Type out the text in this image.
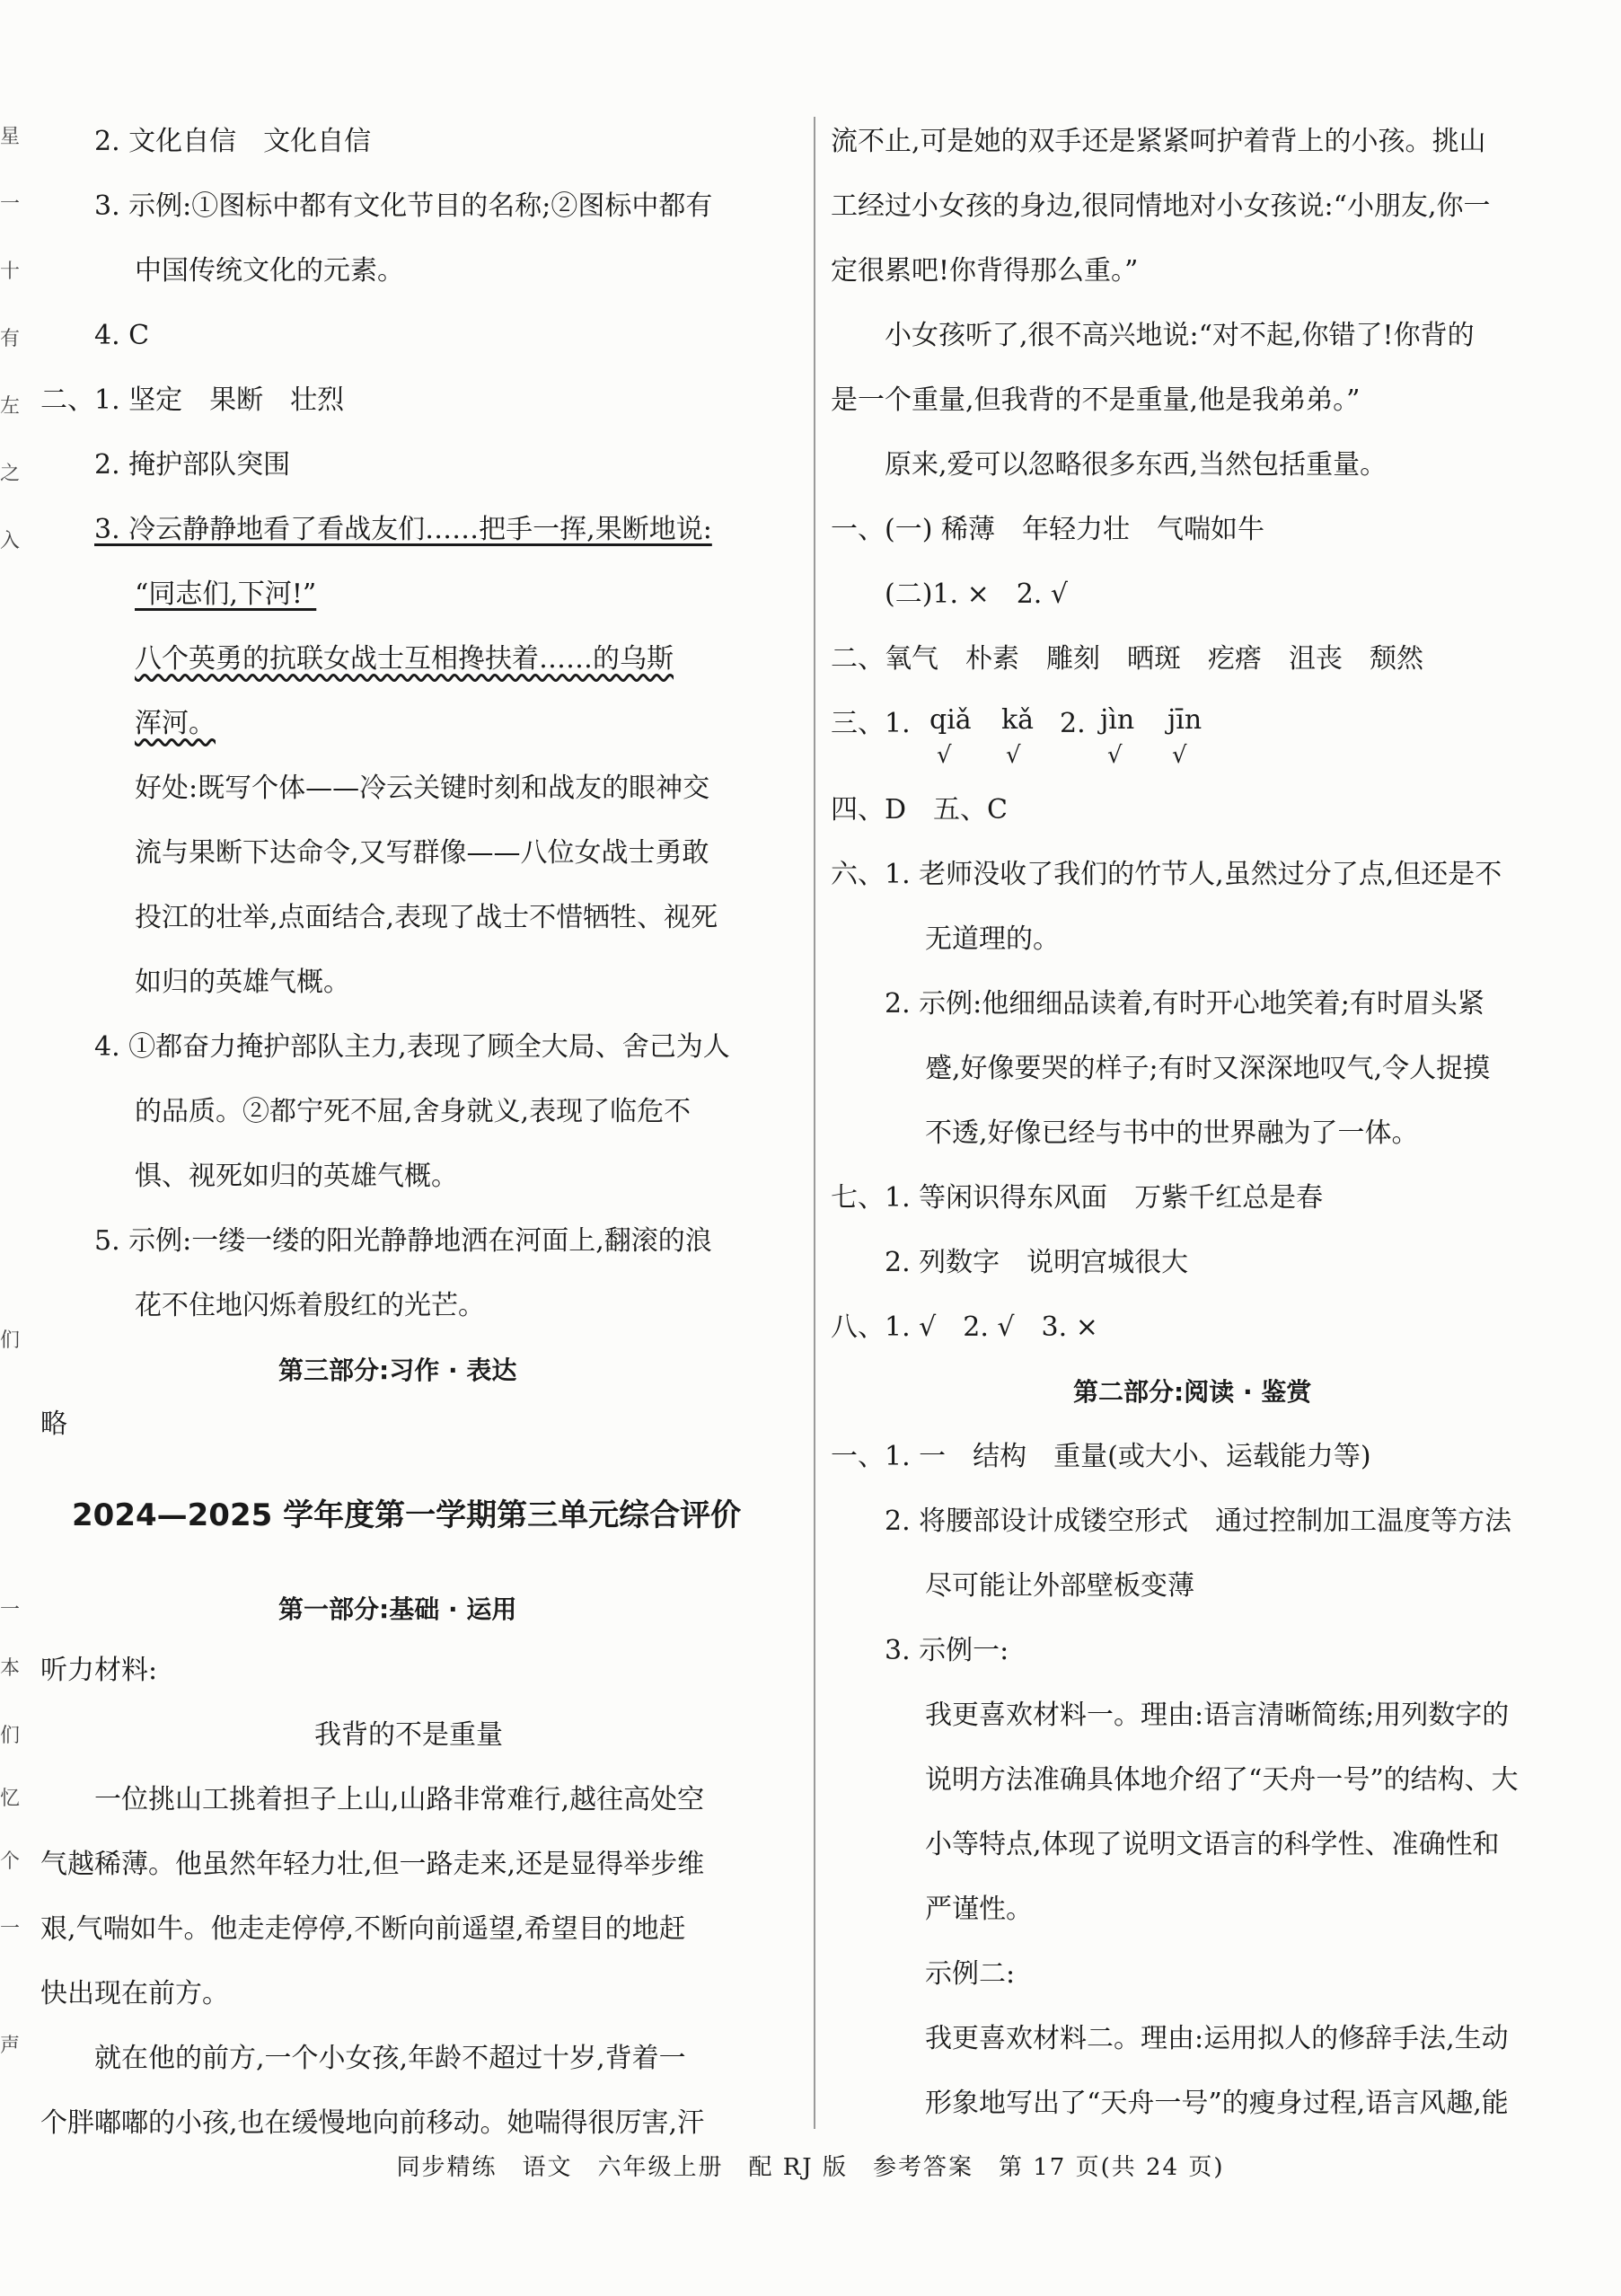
星
一
十
有
左
之
入
们
一
本
们
忆
个
一
声
2. 文化自信　文化自信
3. 示例:①图标中都有文化节目的名称;②图标中都有
中国传统文化的元素。
4. C
二、1. 坚定　果断　壮烈
2. 掩护部队突围
3. 冷云静静地看了看战友们……把手一挥,果断地说:
“同志们,下河!”
八个英勇的抗联女战士互相搀扶着……的乌斯
浑河。
好处:既写个体——冷云关键时刻和战友的眼神交
流与果断下达命令,又写群像——八位女战士勇敢
投江的壮举,点面结合,表现了战士不惜牺牲、视死
如归的英雄气概。
4. ①都奋力掩护部队主力,表现了顾全大局、舍己为人
的品质。②都宁死不屈,舍身就义,表现了临危不
惧、视死如归的英雄气概。
5. 示例:一缕一缕的阳光静静地洒在河面上,翻滚的浪
花不住地闪烁着殷红的光芒。
第三部分:习作 · 表达
略
2024—2025 学年度第一学期第三单元综合评价
第一部分:基础 · 运用
听力材料:
我背的不是重量
一位挑山工挑着担子上山,山路非常难行,越往高处空
气越稀薄。他虽然年轻力壮,但一路走来,还是显得举步维
艰,气喘如牛。他走走停停,不断向前遥望,希望目的地赶
快出现在前方。
就在他的前方,一个小女孩,年龄不超过十岁,背着一
个胖嘟嘟的小孩,也在缓慢地向前移动。她喘得很厉害,汗
流不止,可是她的双手还是紧紧呵护着背上的小孩。挑山
工经过小女孩的身边,很同情地对小女孩说:“小朋友,你一
定很累吧!你背得那么重。”
小女孩听了,很不高兴地说:“对不起,你错了!你背的
是一个重量,但我背的不是重量,他是我弟弟。”
原来,爱可以忽略很多东西,当然包括重量。
一、(一) 稀薄　年轻力壮　气喘如牛
(二)1. ×　2. √
二、氧气　朴素　雕刻　晒斑　疙瘩　沮丧　颓然
三、1. qiǎ kǎ 2. jìn jīn
√ √	√ √
四、D　五、C
六、1. 老师没收了我们的竹节人,虽然过分了点,但还是不
无道理的。
2. 示例:他细细品读着,有时开心地笑着;有时眉头紧
蹙,好像要哭的样子;有时又深深地叹气,令人捉摸
不透,好像已经与书中的世界融为了一体。
七、1. 等闲识得东风面　万紫千红总是春
2. 列数字　说明宫城很大
八、1. √　2. √　3. ×
第二部分:阅读 · 鉴赏
一、1. 一　结构　重量(或大小、运载能力等)
2. 将腰部设计成镂空形式　通过控制加工温度等方法
尽可能让外部壁板变薄
3. 示例一:
我更喜欢材料一。理由:语言清晰简练;用列数字的
说明方法准确具体地介绍了“天舟一号”的结构、大
小等特点,体现了说明文语言的科学性、准确性和
严谨性。
示例二:
我更喜欢材料二。理由:运用拟人的修辞手法,生动
形象地写出了“天舟一号”的瘦身过程,语言风趣,能
同步精练　语文　六年级上册　配 RJ 版　参考答案　第 17 页(共 24 页)
